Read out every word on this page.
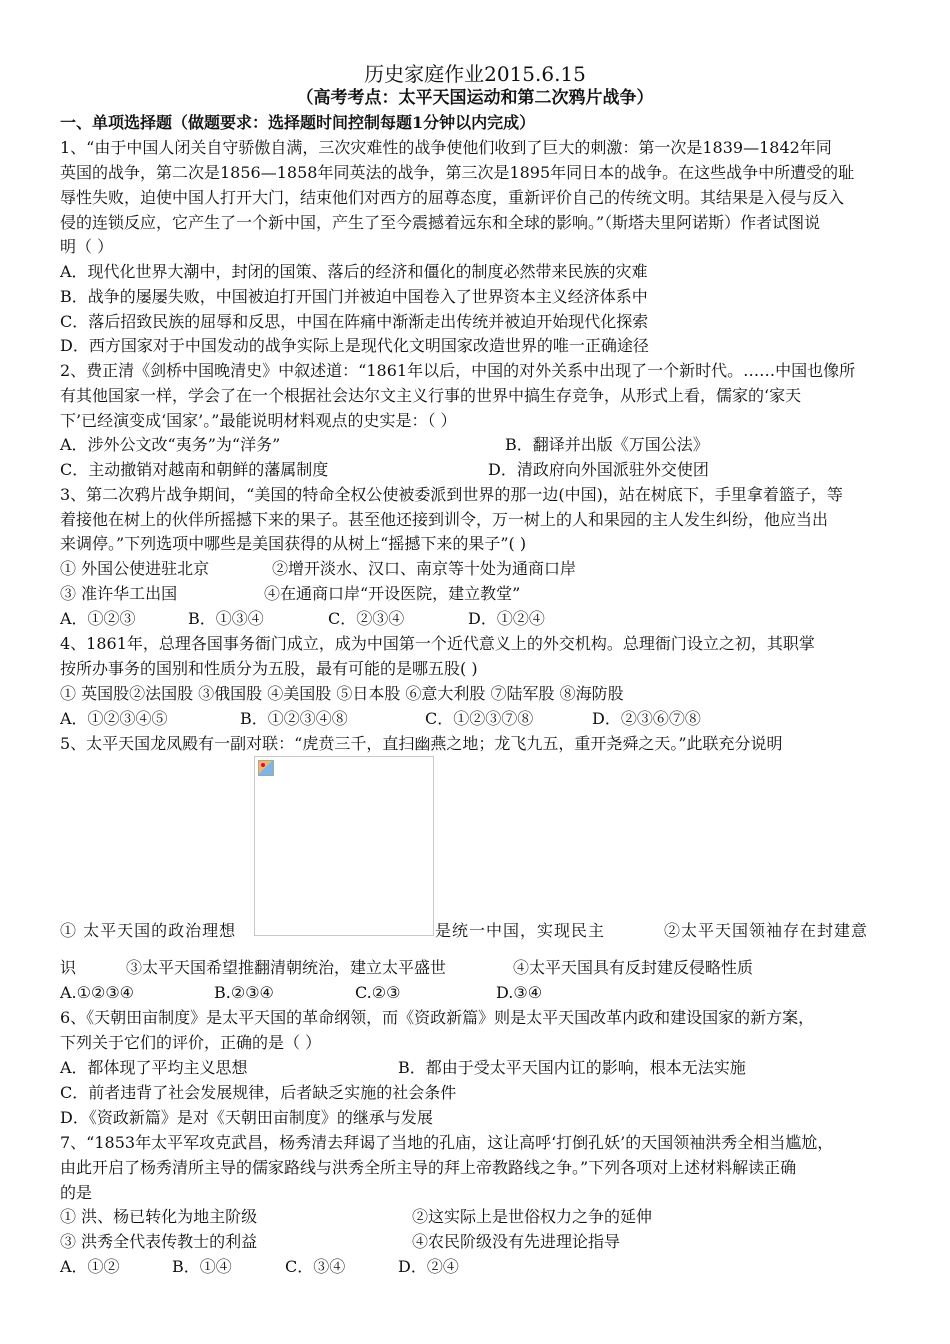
历史家庭作业2015.6.15
（高考考点：太平天国运动和第二次鸦片战争）
一、单项选择题（做题要求：选择题时间控制每题1分钟以内完成）
1、“由于中国人闭关自守骄傲自满，三次灾难性的战争使他们收到了巨大的刺激：第一次是1839—1842年同
英国的战争，第二次是1856—1858年同英法的战争，第三次是1895年同日本的战争。在这些战争中所遭受的耻
辱性失败，迫使中国人打开大门，结束他们对西方的屈尊态度，重新评价自己的传统文明。其结果是入侵与反入
侵的连锁反应，它产生了一个新中国，产生了至今震撼着远东和全球的影响。”（斯塔夫里阿诺斯）作者试图说
明（ ）
A．现代化世界大潮中，封闭的国策、落后的经济和僵化的制度必然带来民族的灾难
B．战争的屡屡失败，中国被迫打开国门并被迫中国卷入了世界资本主义经济体系中
C．落后招致民族的屈辱和反思，中国在阵痛中渐渐走出传统并被迫开始现代化探索
D．西方国家对于中国发动的战争实际上是现代化文明国家改造世界的唯一正确途径
2、费正清《剑桥中国晚清史》中叙述道：“1861年以后，中国的对外关系中出现了一个新时代。……中国也像所
有其他国家一样，学会了在一个根据社会达尔文主义行事的世界中搞生存竞争，从形式上看，儒家的‘家天
下’已经演变成‘国家’。”最能说明材料观点的史实是：（ ）
A．涉外公文改“夷务”为“洋务”	B．翻译并出版《万国公法》
C．主动撤销对越南和朝鲜的藩属制度	D．清政府向外国派驻外交使团
3、第二次鸦片战争期间，“美国的特命全权公使被委派到世界的那一边(中国)，站在树底下，手里拿着篮子，等
着接他在树上的伙伴所摇撼下来的果子。甚至他还接到训令，万一树上的人和果园的主人发生纠纷，他应当出
来调停。”下列选项中哪些是美国获得的从树上“摇撼下来的果子”( )
① 外国公使进驻北京	②增开淡水、汉口、南京等十处为通商口岸
③ 准许华工出国	④在通商口岸“开设医院，建立教堂”
A．①②③	B．①③④	C．②③④	D．①②④
4、1861年，总理各国事务衙门成立，成为中国第一个近代意义上的外交机构。总理衙门设立之初，其职掌
按所办事务的国别和性质分为五股，最有可能的是哪五股( )
① 英国股②法国股 ③俄国股 ④美国股 ⑤日本股 ⑥意大利股 ⑦陆军股 ⑧海防股
A．①②③④⑤	B．①②③④⑧	C．①②③⑦⑧	D．②③⑥⑦⑧
5、太平天国龙凤殿有一副对联：“虎贲三千，直扫幽燕之地；龙飞九五，重开尧舜之天。”此联充分说明
① 太平天国的政治理想	是统一中国，实现民主	②太平天国领袖存在封建意
识	③太平天国希望推翻清朝统治，建立太平盛世	④太平天国具有反封建反侵略性质
A.①②③④	B.②③④	C.②③	D.③④
6、《天朝田亩制度》是太平天国的革命纲领，而《资政新篇》则是太平天国改革内政和建设国家的新方案，
下列关于它们的评价，正确的是（ ）
A．都体现了平均主义思想	B．都由于受太平天国内讧的影响，根本无法实施
C．前者违背了社会发展规律，后者缺乏实施的社会条件
D．《资政新篇》是对《天朝田亩制度》的继承与发展
7、“1853年太平军攻克武昌，杨秀清去拜谒了当地的孔庙，这让高呼‘打倒孔妖’的天国领袖洪秀全相当尴尬，
由此开启了杨秀清所主导的儒家路线与洪秀全所主导的拜上帝教路线之争。”下列各项对上述材料解读正确
的是
① 洪、杨已转化为地主阶级	②这实际上是世俗权力之争的延伸
③ 洪秀全代表传教士的利益	④农民阶级没有先进理论指导
A．①②	B．①④	C．③④	D．②④
